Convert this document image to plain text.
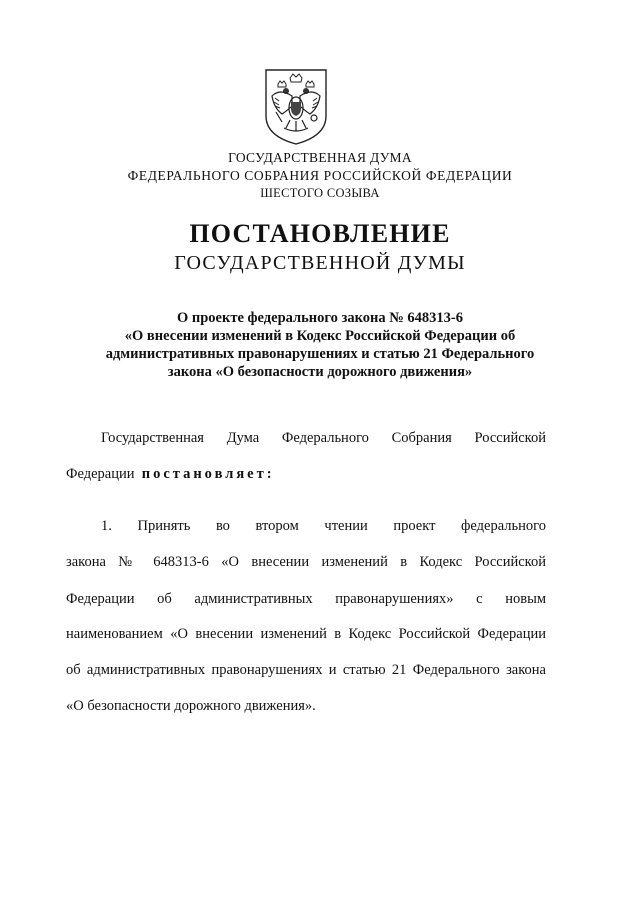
ГОСУДАРСТВЕННАЯ ДУМА
ФЕДЕРАЛЬНОГО СОБРАНИЯ РОССИЙСКОЙ ФЕДЕРАЦИИ
ШЕСТОГО СОЗЫВА
ПОСТАНОВЛЕНИЕ
ГОСУДАРСТВЕННОЙ ДУМЫ
О проекте федерального закона № 648313-6
«О внесении изменений в Кодекс Российской Федерации об
административных правонарушениях и статью 21 Федерального
закона «О безопасности дорожного движения»
Государственная Дума Федерального Собрания Российской
Федерации постановляет:
1. Принять во втором чтении проект федерального
закона № 648313-6 «О внесении изменений в Кодекс Российской
Федерации об административных правонарушениях» с новым
наименованием «О внесении изменений в Кодекс Российской Федерации
об административных правонарушениях и статью 21 Федерального закона
«О безопасности дорожного движения».
